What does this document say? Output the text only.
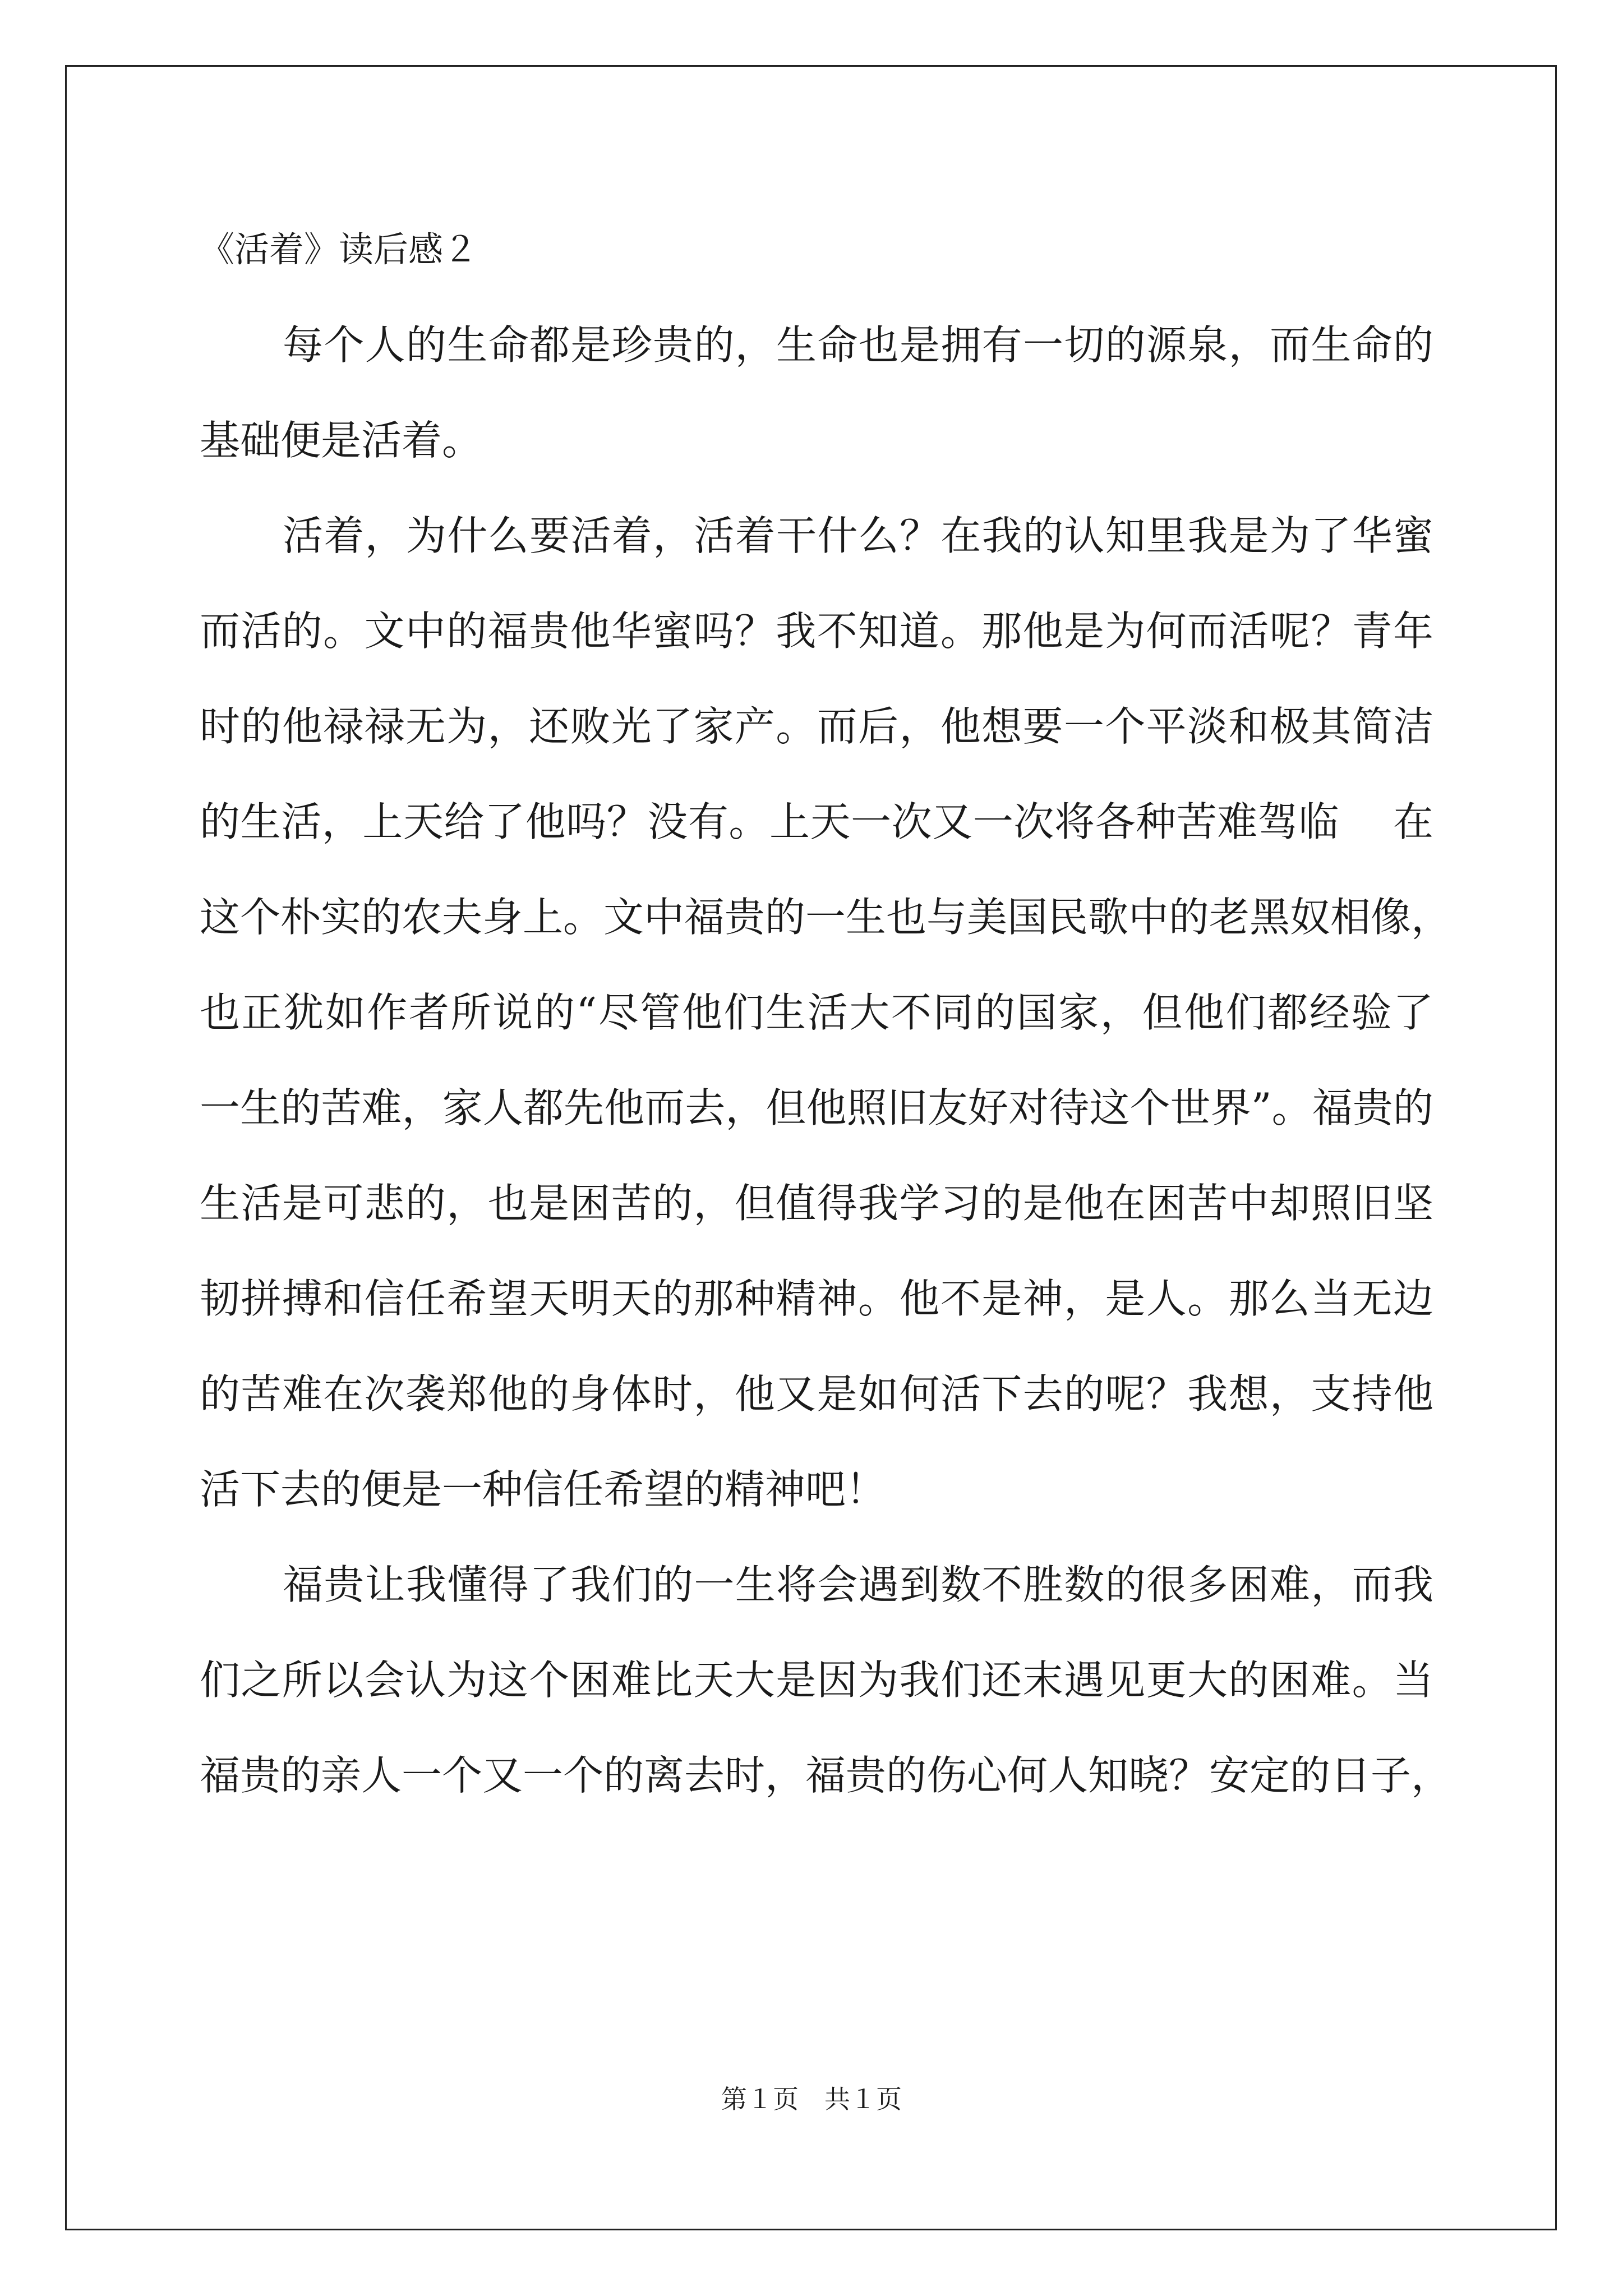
《活着》读后感２
每个人的生命都是珍贵的，生命也是拥有一切的源泉，而生命的
基础便是活着。
活着，为什么要活着，活着干什么？在我的认知里我是为了华蜜
而活的。文中的福贵他华蜜吗？我不知道。那他是为何而活呢？青年
时的他禄禄无为，还败光了家产。而后，他想要一个平淡和极其简洁
的生活，上天给了他吗？没有。上天一次又一次将各种苦难驾临　 在
这个朴实的农夫身上。文中福贵的一生也与美国民歌中的老黑奴相像，
也正犹如作者所说的“尽管他们生活大不同的国家，但他们都经验了
一生的苦难，家人都先他而去，但他照旧友好对待这个世界”。福贵的
生活是可悲的，也是困苦的，但值得我学习的是他在困苦中却照旧坚
韧拼搏和信任希望天明天的那种精神。他不是神，是人。那么当无边
的苦难在次袭郑他的身体时，他又是如何活下去的呢？我想，支持他
活下去的便是一种信任希望的精神吧！
福贵让我懂得了我们的一生将会遇到数不胜数的很多困难，而我
们之所以会认为这个困难比天大是因为我们还末遇见更大的困难。当
福贵的亲人一个又一个的离去时，福贵的伤心何人知晓？安定的日子，
第１页　共１页
